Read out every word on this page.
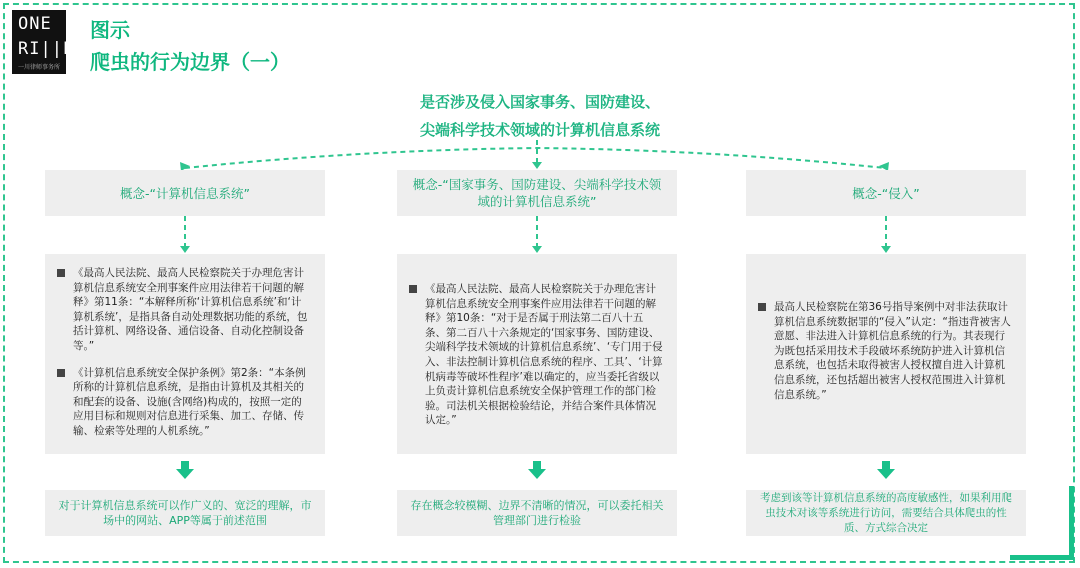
ONE
RI||ER
一川律师事务所
图示
爬虫的行为边界（一）
是否涉及侵入国家事务、国防建设、
尖端科学技术领域的计算机信息系统
概念-“计算机信息系统”
《最高人民法院、最高人民检察院关于办理危害计算机信息系统安全刑事案件应用法律若干问题的解释》第11条：“本解释所称‘计算机信息系统’和‘计算机系统’，是指具备自动处理数据功能的系统，包括计算机、网络设备、通信设备、自动化控制设备等。”
《计算机信息系统安全保护条例》第2条：“本条例所称的计算机信息系统，是指由计算机及其相关的和配套的设备、设施(含网络)构成的，按照一定的应用目标和规则对信息进行采集、加工、存储、传输、检索等处理的人机系统。”
对于计算机信息系统可以作广义的、宽泛的理解，市场中的网站、APP等属于前述范围
概念-“国家事务、国防建设、尖端科学技术领域的计算机信息系统”
《最高人民法院、最高人民检察院关于办理危害计算机信息系统安全刑事案件应用法律若干问题的解释》第10条：“对于是否属于刑法第二百八十五条、第二百八十六条规定的‘国家事务、国防建设、尖端科学技术领域的计算机信息系统’、‘专门用于侵入、非法控制计算机信息系统的程序、工具’、‘计算机病毒等破坏性程序’难以确定的，应当委托省级以上负责计算机信息系统安全保护管理工作的部门检验。司法机关根据检验结论，并结合案件具体情况认定。”
存在概念较模糊、边界不清晰的情况，可以委托相关管理部门进行检验
概念-“侵入”
最高人民检察院在第36号指导案例中对非法获取计算机信息系统数据罪的“侵入”认定：“指违背被害人意愿、非法进入计算机信息系统的行为。其表现行为既包括采用技术手段破坏系统防护进入计算机信息系统，也包括未取得被害人授权擅自进入计算机信息系统，还包括超出被害人授权范围进入计算机信息系统。”
考虑到该等计算机信息系统的高度敏感性，如果利用爬虫技术对该等系统进行访问，需要结合具体爬虫的性质、方式综合决定
